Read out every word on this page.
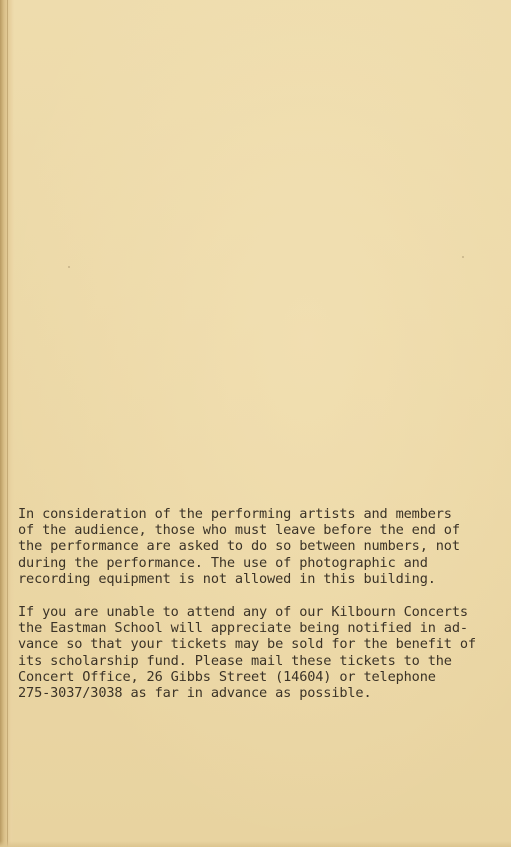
In consideration of the performing artists and members
of the audience, those who must leave before the end of
the performance are asked to do so between numbers, not
during the performance. The use of photographic and
recording equipment is not allowed in this building.

If you are unable to attend any of our Kilbourn Concerts
the Eastman School will appreciate being notified in ad-
vance so that your tickets may be sold for the benefit of
its scholarship fund. Please mail these tickets to the
Concert Office, 26 Gibbs Street (14604) or telephone
275-3037/3038 as far in advance as possible.
